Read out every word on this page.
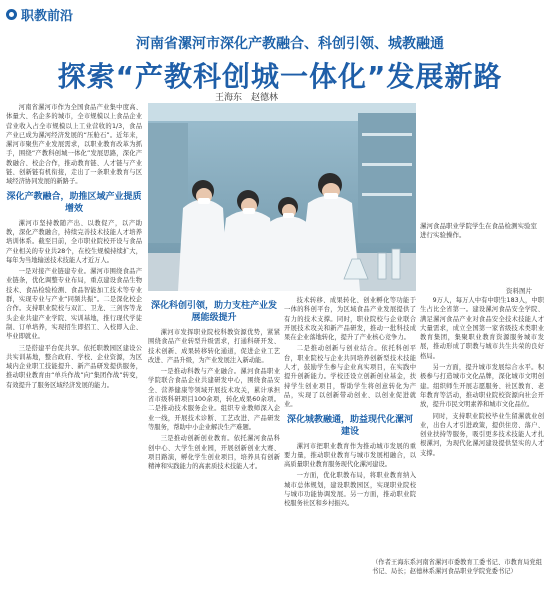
职教前沿
河南省漯河市深化产教融合、科创引领、城教融通
探索“产教科创城一体化”发展新路
王海东　赵德林

河南省漯河市作为全国食品产业集中度高、体量大、名企多的城市，全市规模以上食品企业营业收入占全市规模以上工业营收的1/3，食品产业已成为漯河经济发展的“压舱石”。近年来，漯河市聚焦产业发展需求，以职业教育改革为抓手，围绕“产教科创城一体化”发展思路，深化产教融合、校企合作，推动教育链、人才链与产业链、创新链有机衔接，走出了一条职业教育与区域经济协同发展的新路子。

深化产教融合，助推区域产业提质增效

漯河市坚持教随产出、以教促产，以产助教，深化产教融合，持续完善技术技能人才培养培训体系。截至目前，全市职业院校开设与食品产业相关的专业共28个，在校生规模持续扩大，每年为当地输送技术技能人才近万人。

一是对接产业链建专业。漯河市围绕食品产业链条，优化调整专业布局，重点建设食品生物技术、食品检验检测、食品智能加工技术等专业群，实现专业与产业“同频共振”。二是深化校企合作。支持职业院校与双汇、卫龙、三剑客等龙头企业共建产业学院、实训基地，推行现代学徒制、订单培养，实现招生即招工、入校即入企、毕业即就业。

三是搭建平台促共享。依托职教园区建设公共实训基地，整合政府、学校、企业资源，为区域内企业职工技能提升、新产品研发提供服务，推动职业教育由“单兵作战”向“集团作战”转变，有效提升了服务区域经济发展的能力。

漯河食品职业学院学生在食品检测实验室进行实验操作。
资料图片
深化科创引领，助力支柱产业发展能级提升

漯河市发挥职业院校科教资源优势，紧紧围绕食品产业转型升级需求，打通科研开发、技术创新、成果转移转化通道，促进企业工艺改进、产品升级，为产业发展注入新动能。

一是推动科教与产业融合。漯河食品职业学院联合食品企业共建研发中心，围绕食品安全、营养健康等领域开展技术攻关，累计承担省市级科研项目100余项，转化成果60余项。二是推动技术服务企业。组织专业教师深入企业一线，开展技术诊断、工艺改进、产品研发等服务，帮助中小企业解决生产难题。

三是推动创新创业教育。依托漯河食品科创中心、大学生创业园，开展创新创业大赛、项目路演，孵化学生创业项目，培养具有创新精神和实践能力的高素质技术技能人才。

技术转移、成果转化、创业孵化等功能于一体的科创平台，为区域食品产业发展提供了有力的技术支撑。同时，职业院校与企业联合开展技术攻关和新产品研发，推动一批科技成果在企业落地转化，提升了产业核心竞争力。

二是推动创新与创业结合。依托科创平台，职业院校与企业共同培养创新型技术技能人才，鼓励学生参与企业真实项目，在实践中提升创新能力。学校还设立创新创业基金，扶持学生创业项目，帮助学生将创意转化为产品，实现了以创新带动创业、以创业促进就业。

深化城教融通，助益现代化漯河建设

漯河市把职业教育作为推动城市发展的重要力量，推动职业教育与城市发展相融合，以高质量职业教育服务现代化漯河建设。

一方面，优化职教布局，将职业教育纳入城市总体规划，建设职教园区，实现职业院校与城市功能协调发展。另一方面，推动职业院校服务社区和乡村振兴。

9万人，每万人中有中职生183人，中职生占比全省第一。建设漯河食品安全学院、满足漯河食品产业对食品安全技术技能人才大量需求，成立全国第一家省级技术类职业教育集团，集聚职业教育资源服务城市发展，推动形成了职教与城市共生共荣的良好格局。

另一方面，提升城市发展综合水平。积极参与打造城市文化品牌，深化城市文明创建。组织师生开展志愿服务、社区教育、老年教育等活动，推动职业院校资源向社会开放，提升市民文明素养和城市文化品位。

同时，支持职业院校毕业生留漯就业创业，出台人才引进政策，提供住房、落户、创业扶持等服务，吸引更多技术技能人才扎根漯河，为现代化漯河建设提供坚实的人才支撑。

（作者王海东系河南省漯河市委教育工委书记、市教育局党组书记、局长；赵德林系漯河食品职业学院党委书记）
